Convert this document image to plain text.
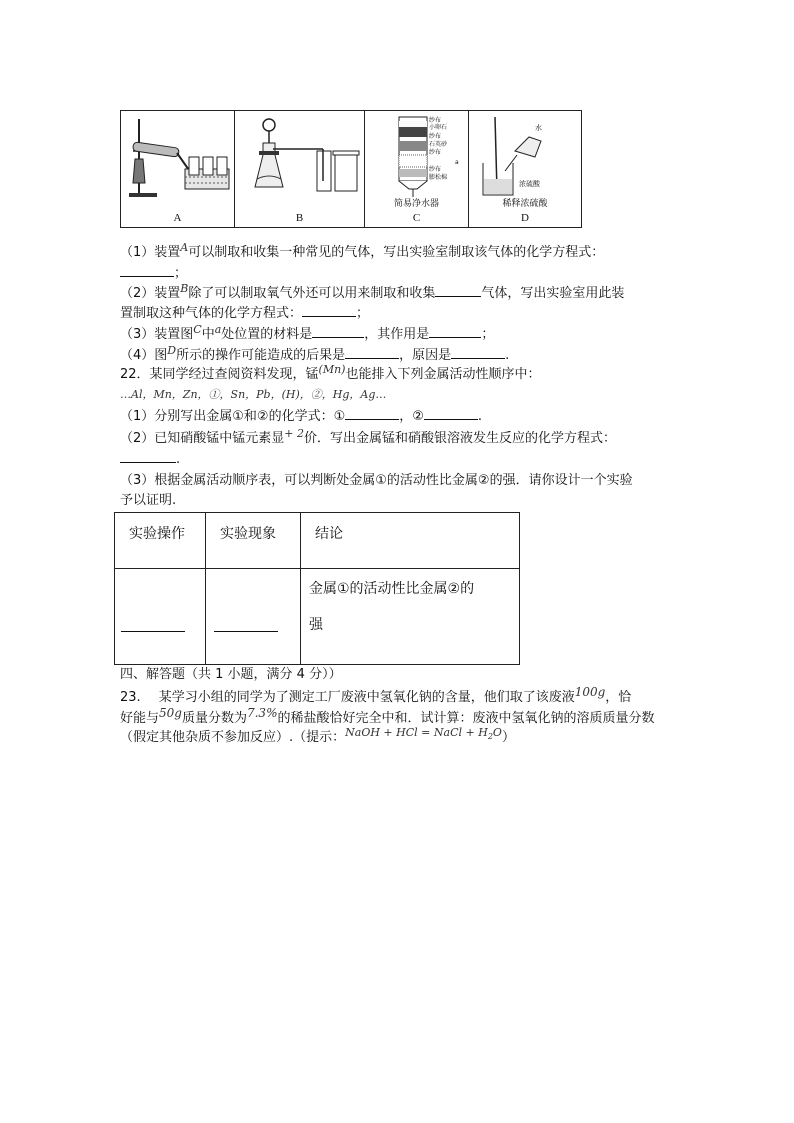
A	B
纱布
小卵石
纱布
石英砂
纱布
纱布
膨松棉
a
简易净水器
C
水
浓硫酸
稀释浓硫酸
D
（1）装置$^A$可以制取和收集一种常见的气体，写出实验室制取该气体的化学方程式：
；
（2）装置$^B$除了可以制取氧气外还可以用来制取和收集	气体，写出实验室用此装
置制取这种气体的化学方程式：	；
（3）装置图$^C$中$^a$处位置的材料是	，其作用是	；
（4）图$^D$所示的操作可能造成的后果是	，原因是	.
22．某同学经过查阅资料发现，锰$^{(Mn)}$也能排入下列金属活动性顺序中：
…Al，Mn，Zn，①，Sn，Pb，(H)，②，Hg，Ag…
（1）分别写出金属①和②的化学式：①	，②	.
（2）已知硝酸锰中锰元素显$^{+ 2}$价．写出金属锰和硝酸银溶液发生反应的化学方程式：
.
（3）根据金属活动顺序表，可以判断处金属①的活动性比金属②的强．请你设计一个实验
予以证明.
实验操作	实验现象	结论

		金属①的活动性比金属②的
强
四、解答题（共 1 小题，满分 4 分））
23. 某学习小组的同学为了测定工厂废液中氢氧化钠的含量，他们取了该废液100g，恰
好能与50g质量分数为7.3%的稀盐酸恰好完全中和．试计算：废液中氢氧化钠的溶质质量分数
（假定其他杂质不参加反应）.（提示：$^{NaOH + HCl = NaCl + H_2O}$）
